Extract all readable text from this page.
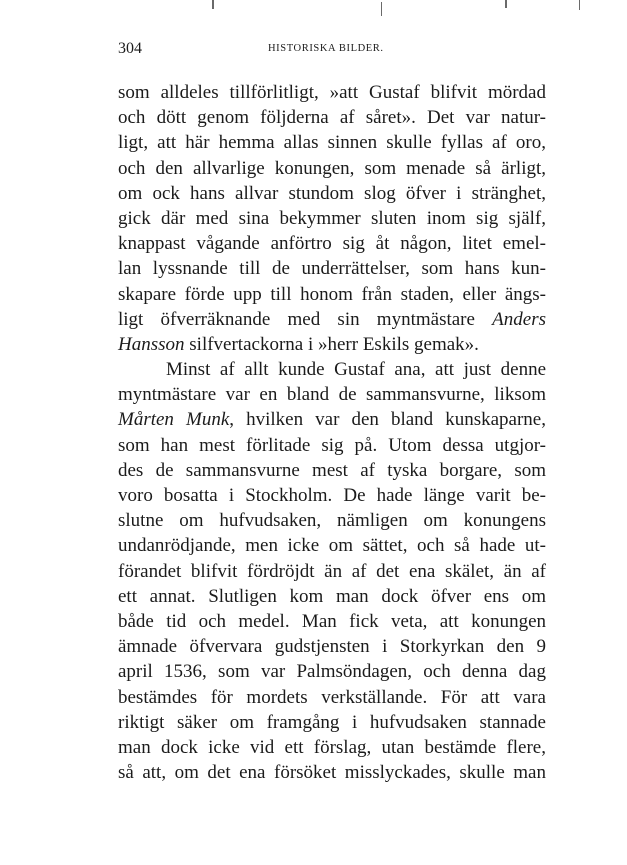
304	HISTORISKA BILDER.
som alldeles tillförlitligt, »att Gustaf blifvit mördad
och dött genom följderna af såret». Det var natur-
ligt, att här hemma allas sinnen skulle fyllas af oro,
och den allvarlige konungen, som menade så ärligt,
om ock hans allvar stundom slog öfver i stränghet,
gick där med sina bekymmer sluten inom sig själf,
knappast vågande anförtro sig åt någon, litet emel-
lan lyssnande till de underrättelser, som hans kun-
skapare förde upp till honom från staden, eller ängs-
ligt öfverräknande med sin myntmästare Anders
Hansson silfvertackorna i »herr Eskils gemak».
Minst af allt kunde Gustaf ana, att just denne
myntmästare var en bland de sammansvurne, liksom
Mårten Munk, hvilken var den bland kunskaparne,
som han mest förlitade sig på. Utom dessa utgjor-
des de sammansvurne mest af tyska borgare, som
voro bosatta i Stockholm. De hade länge varit be-
slutne om hufvudsaken, nämligen om konungens
undanrödjande, men icke om sättet, och så hade ut-
förandet blifvit fördröjdt än af det ena skälet, än af
ett annat. Slutligen kom man dock öfver ens om
både tid och medel. Man fick veta, att konungen
ämnade öfvervara gudstjensten i Storkyrkan den 9
april 1536, som var Palmsöndagen, och denna dag
bestämdes för mordets verkställande. För att vara
riktigt säker om framgång i hufvudsaken stannade
man dock icke vid ett förslag, utan bestämde flere,
så att, om det ena försöket misslyckades, skulle man
